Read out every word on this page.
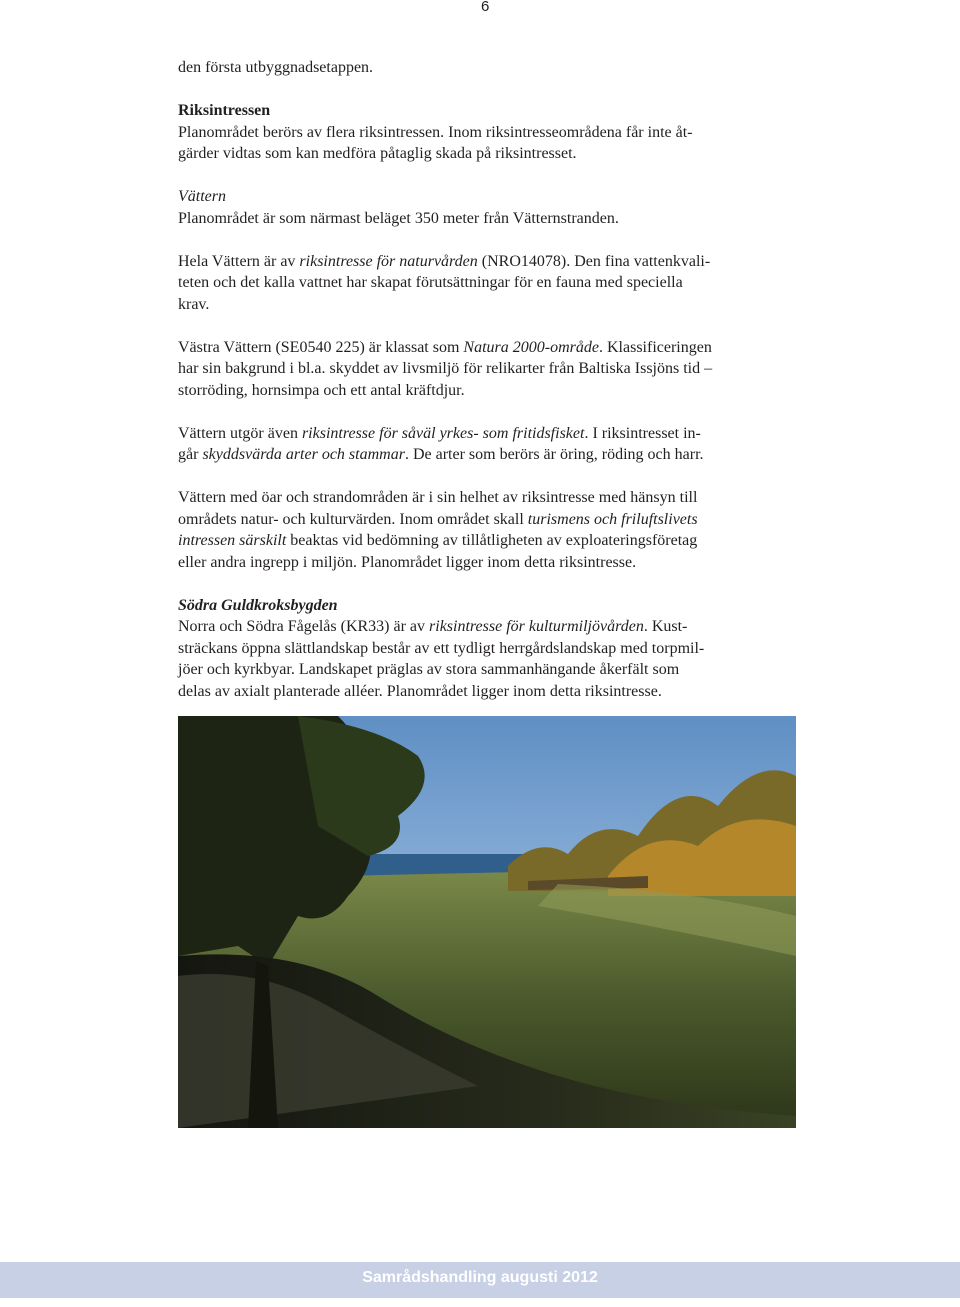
6

den första utbyggnadsetappen.

Riksintressen

Planområdet berörs av flera riksintressen. Inom riksintresseområdena får inte åt-

gärder vidtas som kan medföra påtaglig skada på riksintresset.

Vättern

Planområdet är som närmast beläget 350 meter från Vätternstranden.

Hela Vättern är av riksintresse för naturvården (NRO14078). Den fina vattenkvali-

teten och det kalla vattnet har skapat förutsättningar för en fauna med speciella

krav.

Västra Vättern (SE0540 225) är klassat som Natura 2000-område. Klassificeringen

har sin bakgrund i bl.a. skyddet av livsmiljö för relikarter från Baltiska Issjöns tid –

storröding, hornsimpa och ett antal kräftdjur.

Vättern utgör även riksintresse för såväl yrkes- som fritidsfisket. I riksintresset in-

går skyddsvärda arter och stammar. De arter som berörs är öring, röding och harr.

Vättern med öar och strandområden är i sin helhet av riksintresse med hänsyn till

områdets natur- och kulturvärden. Inom området skall turismens och friluftslivets

intressen särskilt beaktas vid bedömning av tillåtligheten av exploateringsföretag

eller andra ingrepp i miljön. Planområdet ligger inom detta riksintresse.

Södra Guldkroksbygden

Norra och Södra Fågelås (KR33) är av riksintresse för kulturmiljövården. Kust-

sträckans öppna slättlandskap består av ett tydligt herrgårdslandskap med torpmil-

jöer och kyrkbyar. Landskapet präglas av stora sammanhängande åkerfält som

delas av axialt planterade alléer. Planområdet ligger inom detta riksintresse.

Samrådshandling augusti 2012
